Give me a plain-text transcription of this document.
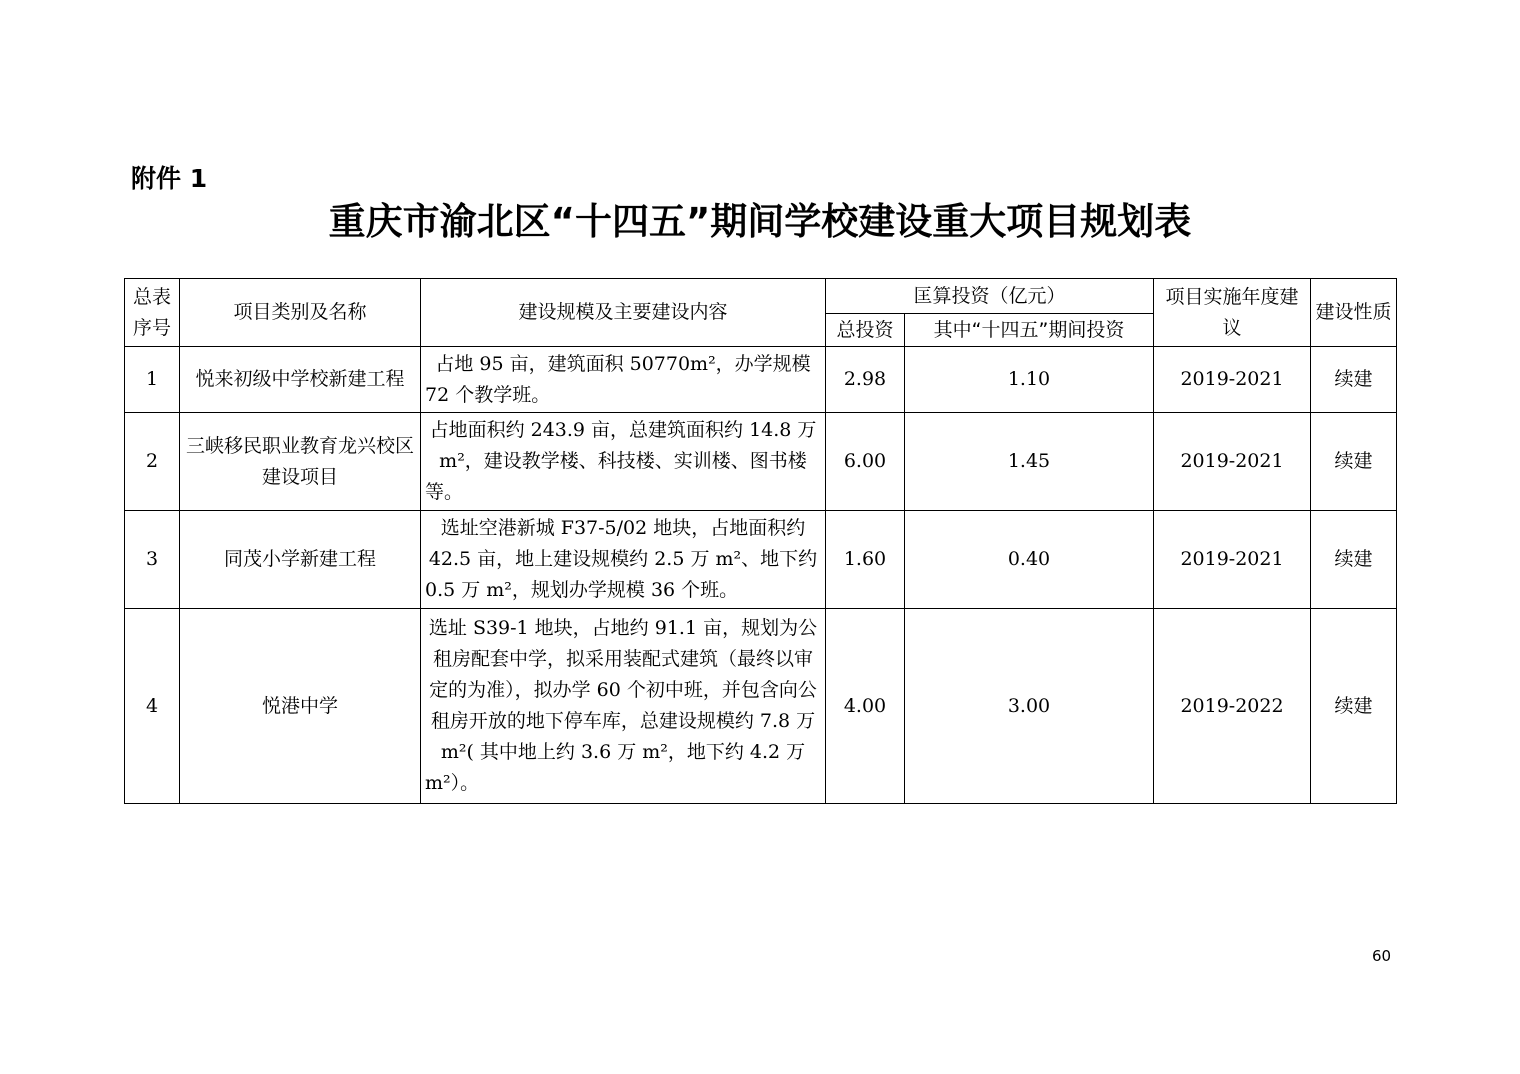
附件 1
重庆市渝北区“十四五”期间学校建设重大项目规划表
总表序号	项目类别及名称	建设规模及主要建设内容	匡算投资（亿元）		项目实施年度建议	建设性质
			总投资	其中“十四五”期间投资		
1	悦来初级中学校新建工程	占地 95 亩，建筑面积 50770m²，办学规模 72 个教学班。	2.98	1.10	2019-2021	续建
2	三峡移民职业教育龙兴校区建设项目	占地面积约 243.9 亩，总建筑面积约 14.8 万 m²，建设教学楼、科技楼、实训楼、图书楼等。	6.00	1.45	2019-2021	续建
3	同茂小学新建工程	选址空港新城 F37-5/02 地块，占地面积约 42.5 亩，地上建设规模约 2.5 万 m²、地下约 0.5 万 m²，规划办学规模 36 个班。	1.60	0.40	2019-2021	续建
4	悦港中学	选址 S39-1 地块，占地约 91.1 亩，规划为公租房配套中学，拟采用装配式建筑（最终以审定的为准），拟办学 60 个初中班，并包含向公租房开放的地下停车库，总建设规模约 7.8 万 m²( 其中地上约 3.6 万 m²，地下约 4.2 万 m²）。	4.00	3.00	2019-2022	续建
60
